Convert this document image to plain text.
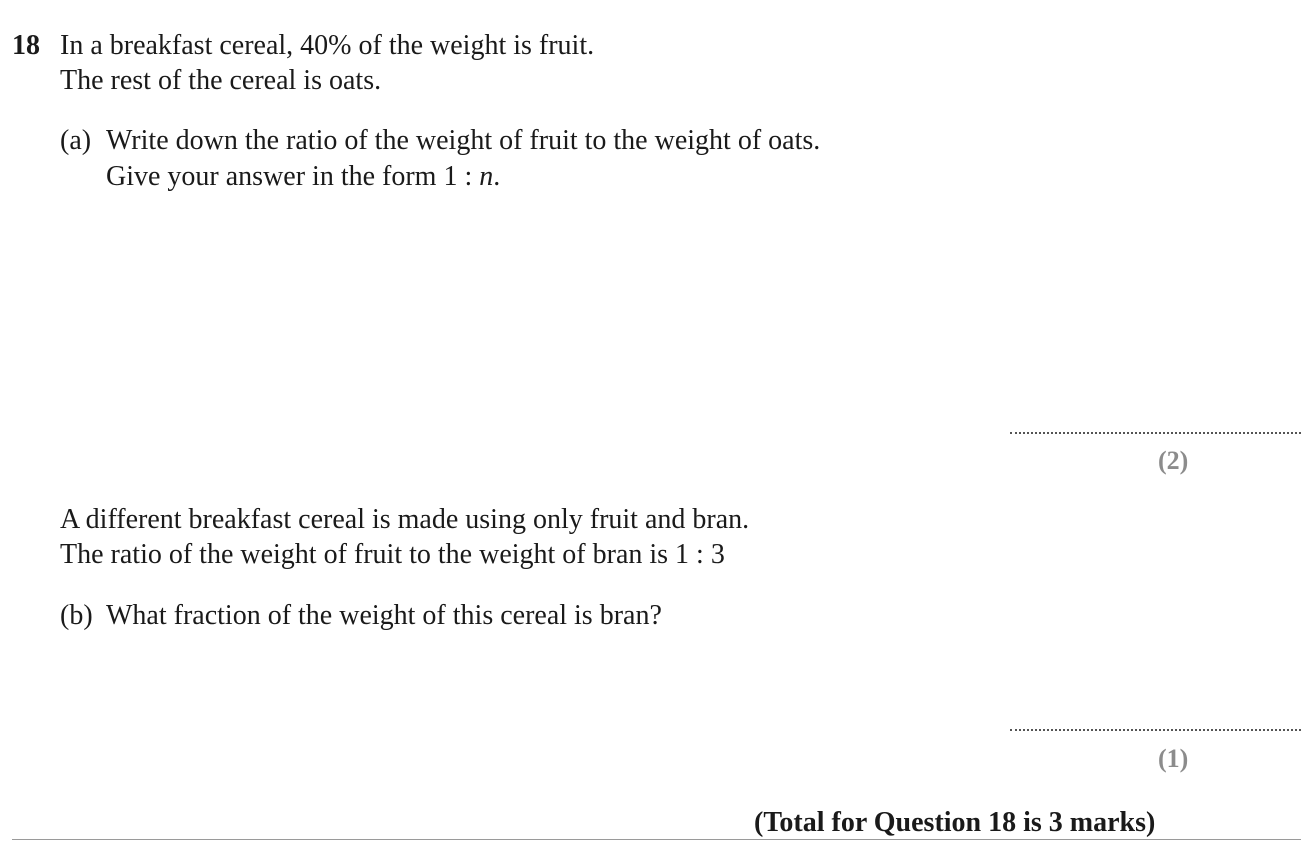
18 In a breakfast cereal, 40% of the weight is fruit.
The rest of the cereal is oats.
(a) Write down the ratio of the weight of fruit to the weight of oats.
Give your answer in the form 1 : n.
(2)
A different breakfast cereal is made using only fruit and bran.
The ratio of the weight of fruit to the weight of bran is 1 : 3
(b) What fraction of the weight of this cereal is bran?
(1)
(Total for Question 18 is 3 marks)
